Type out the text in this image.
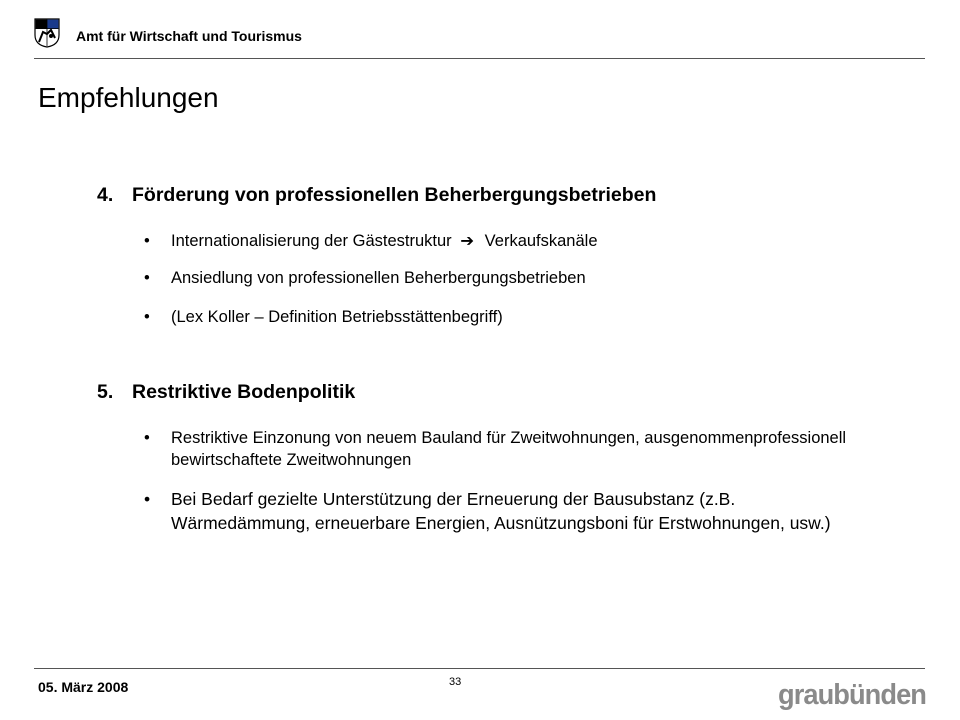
Amt für Wirtschaft und Tourismus
Empfehlungen
4. Förderung von professionellen Beherbergungsbetrieben
• Internationalisierung der Gästestruktur ➔ Verkaufskanäle
• Ansiedlung von professionellen Beherbergungsbetrieben
• (Lex Koller – Definition Betriebsstättenbegriff)
5. Restriktive Bodenpolitik
• Restriktive Einzonung von neuem Bauland für Zweitwohnungen, ausgenommenprofessionell bewirtschaftete Zweitwohnungen
• Bei Bedarf gezielte Unterstützung der Erneuerung der Bausubstanz (z.B. Wärmedämmung, erneuerbare Energien, Ausnützungsboni für Erstwohnungen, usw.)
05. März 2008	33	graubünden
